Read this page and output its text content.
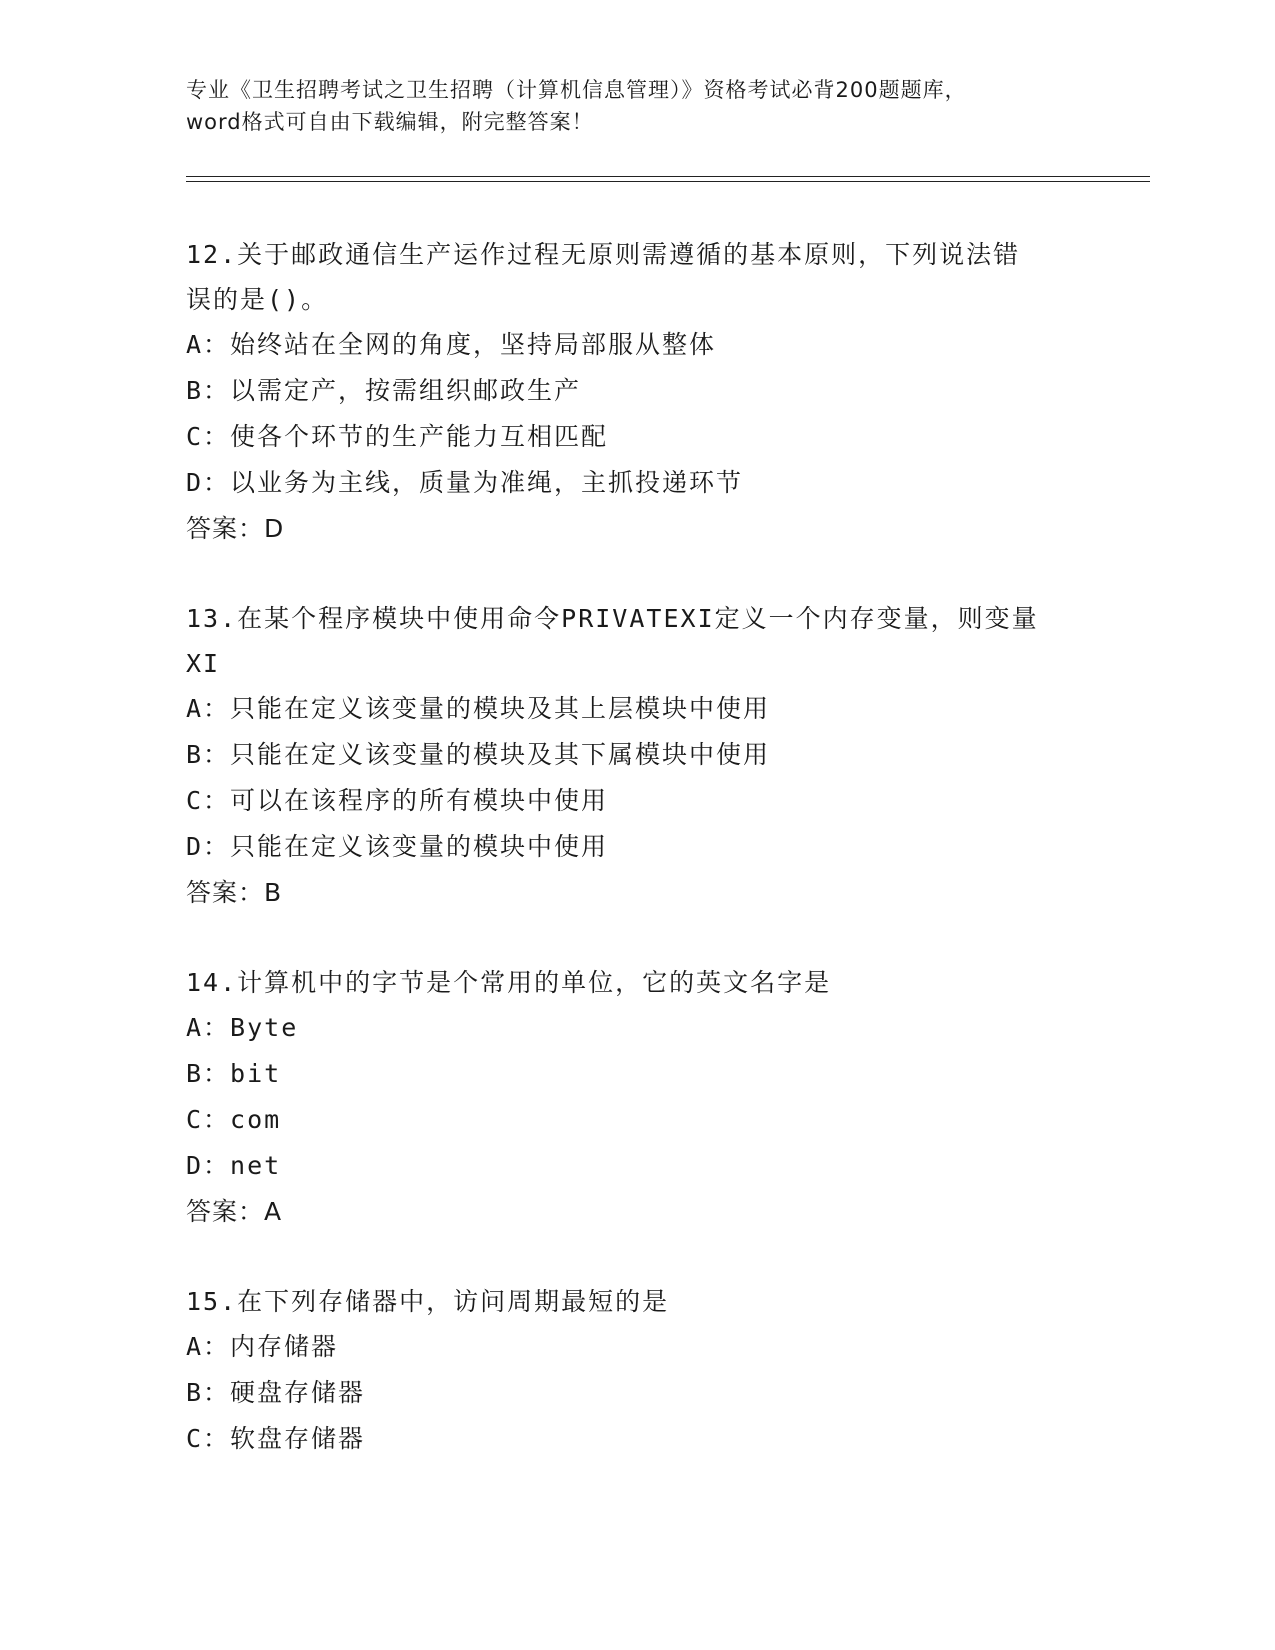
专业《卫生招聘考试之卫生招聘（计算机信息管理）》资格考试必背200题题库，
word格式可自由下载编辑，附完整答案！
12.关于邮政通信生产运作过程无原则需遵循的基本原则，下列说法错
误的是()。
A：始终站在全网的角度，坚持局部服从整体
B：以需定产，按需组织邮政生产
C：使各个环节的生产能力互相匹配
D：以业务为主线，质量为准绳，主抓投递环节
答案：D
13.在某个程序模块中使用命令PRIVATEXI定义一个内存变量，则变量
XI
A：只能在定义该变量的模块及其上层模块中使用
B：只能在定义该变量的模块及其下属模块中使用
C：可以在该程序的所有模块中使用
D：只能在定义该变量的模块中使用
答案：B
14.计算机中的字节是个常用的单位，它的英文名字是
A：Byte
B：bit
C：com
D：net
答案：A
15.在下列存储器中，访问周期最短的是
A：内存储器
B：硬盘存储器
C：软盘存储器
